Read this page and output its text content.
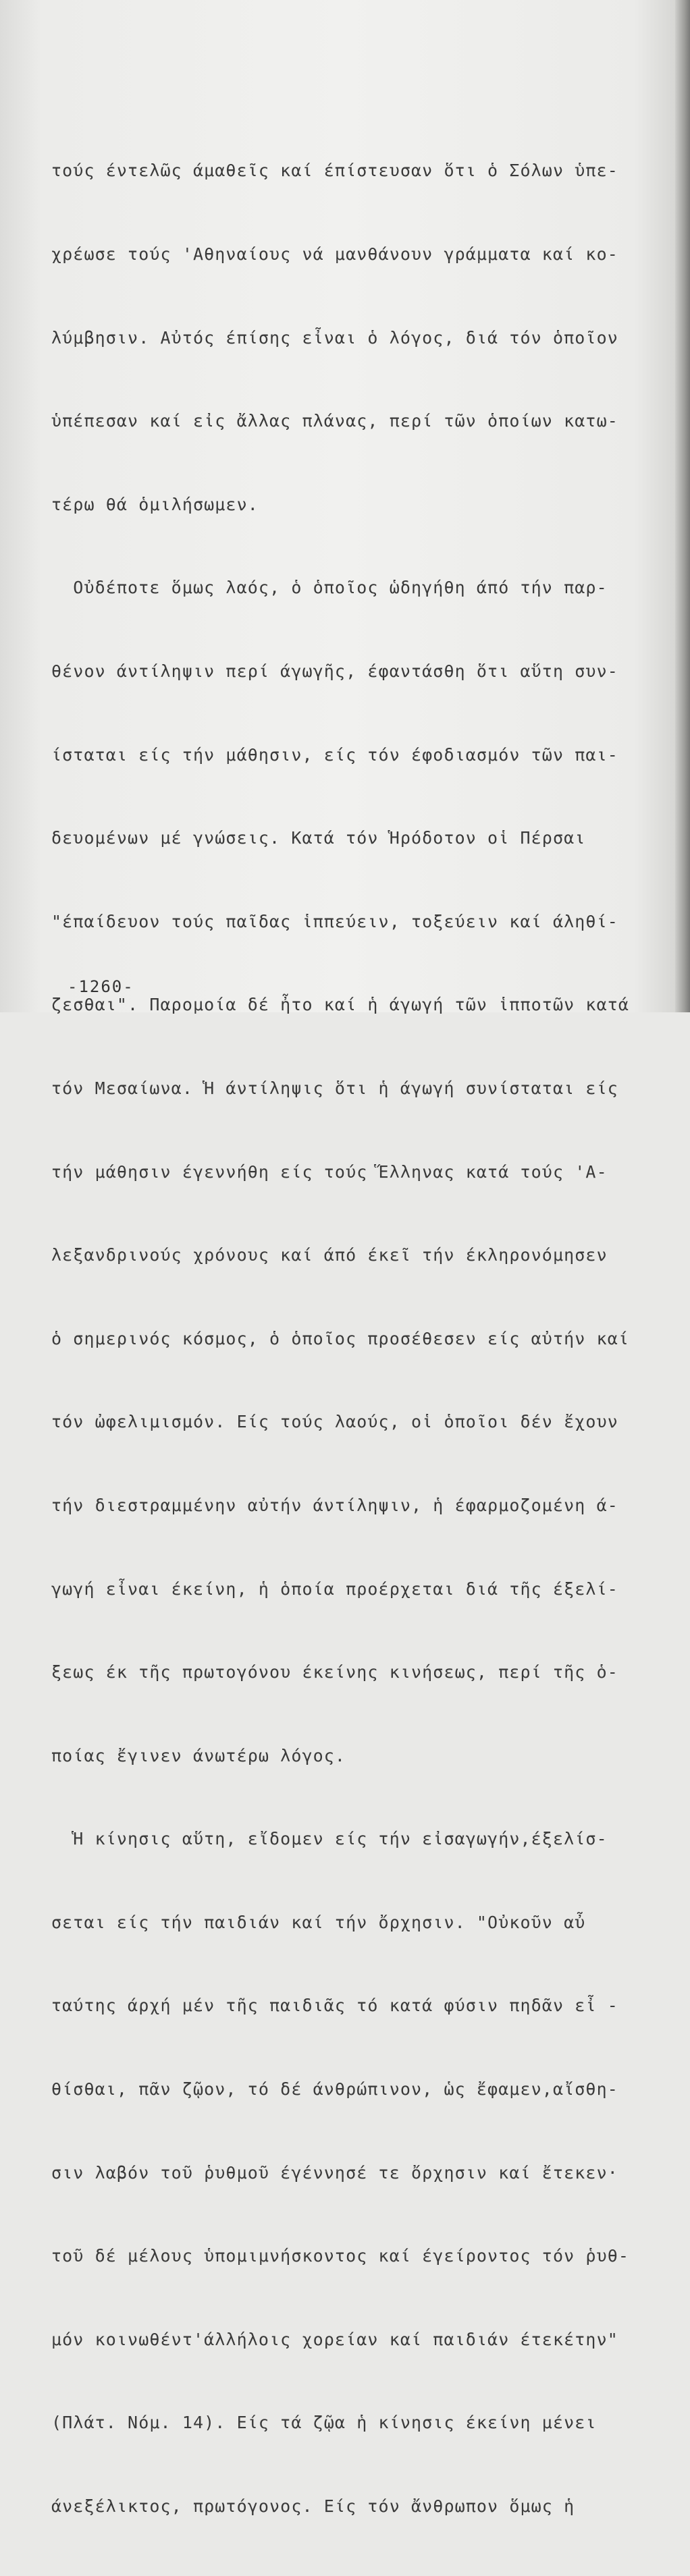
τούς έντελῶς άμαθεῖς καί έπίστευσαν ὅτι ὁ Σόλων ὑπε-

χρέωσε τούς 'Αθηναίους νά μανθάνουν γράμματα καί κο-

λύμβησιν. Αὐτός έπίσης εἶναι ὁ λόγος, διά τόν ὁποῖον

ὑπέπεσαν καί εἰς ἄλλας πλάνας, περί τῶν ὁποίων κατω-

τέρω θά ὁμιλήσωμεν.

Οὐδέποτε ὅμως λαός, ὁ ὁποῖος ὡδηγήθη άπό τήν παρ-

θένον άντίληψιν περί άγωγῆς, έφαντάσθη ὅτι αὕτη συν-

ίσταται είς τήν μάθησιν, είς τόν έφοδιασμόν τῶν παι-

δευομένων μέ γνώσεις. Κατά τόν Ἡρόδοτον οἱ Πέρσαι

"έπαίδευον τούς παῖδας ἱππεύειν, τοξεύειν καί άληθί-

ζεσθαι". Παρομοία δέ ἦτο καί ἡ άγωγή τῶν ἱπποτῶν κατά

τόν Μεσαίωνα. Ἡ άντίληψις ὅτι ἡ άγωγή συνίσταται είς

τήν μάθησιν έγεννήθη είς τούς Ἕλληνας κατά τούς 'Α-

λεξανδρινούς χρόνους καί άπό έκεῖ τήν έκληρονόμησεν

ὁ σημερινός κόσμος, ὁ ὁποῖος προσέθεσεν είς αὐτήν καί

τόν ὠφελιμισμόν. Είς τούς λαούς, οἱ ὁποῖοι δέν ἔχουν

τήν διεστραμμένην αὐτήν άντίληψιν, ἡ έφαρμοζομένη ά-

γωγή εἶναι έκείνη, ἡ ὁποία προέρχεται διά τῆς έξελί-

ξεως έκ τῆς πρωτογόνου έκείνης κινήσεως, περί τῆς ὁ-

ποίας ἔγινεν άνωτέρω λόγος.

Ἡ κίνησις αὕτη, εἴδομεν είς τήν εἰσαγωγήν,έξελίσ-

σεται είς τήν παιδιάν καί τήν ὄρχησιν. "Οὐκοῦν αὖ

ταύτης άρχή μέν τῆς παιδιᾶς τό κατά φύσιν πηδᾶν εἶ -

θίσθαι, πᾶν ζῷον, τό δέ άνθρώπινον, ὡς ἔφαμεν,αἴσθη-

σιν λαβόν τοῦ ῥυθμοῦ έγέννησέ τε ὄρχησιν καί ἔτεκεν·

τοῦ δέ μέλους ὑπομιμνήσκοντος καί έγείροντος τόν ῥυθ-

μόν κοινωθέντ'άλλήλοις χορείαν καί παιδιάν έτεκέτην"

(Πλάτ. Νόμ. 14). Είς τά ζῷα ἡ κίνησις έκείνη μένει

άνεξέλικτος, πρωτόγονος. Είς τόν ἄνθρωπον ὅμως ἡ

-1260-
